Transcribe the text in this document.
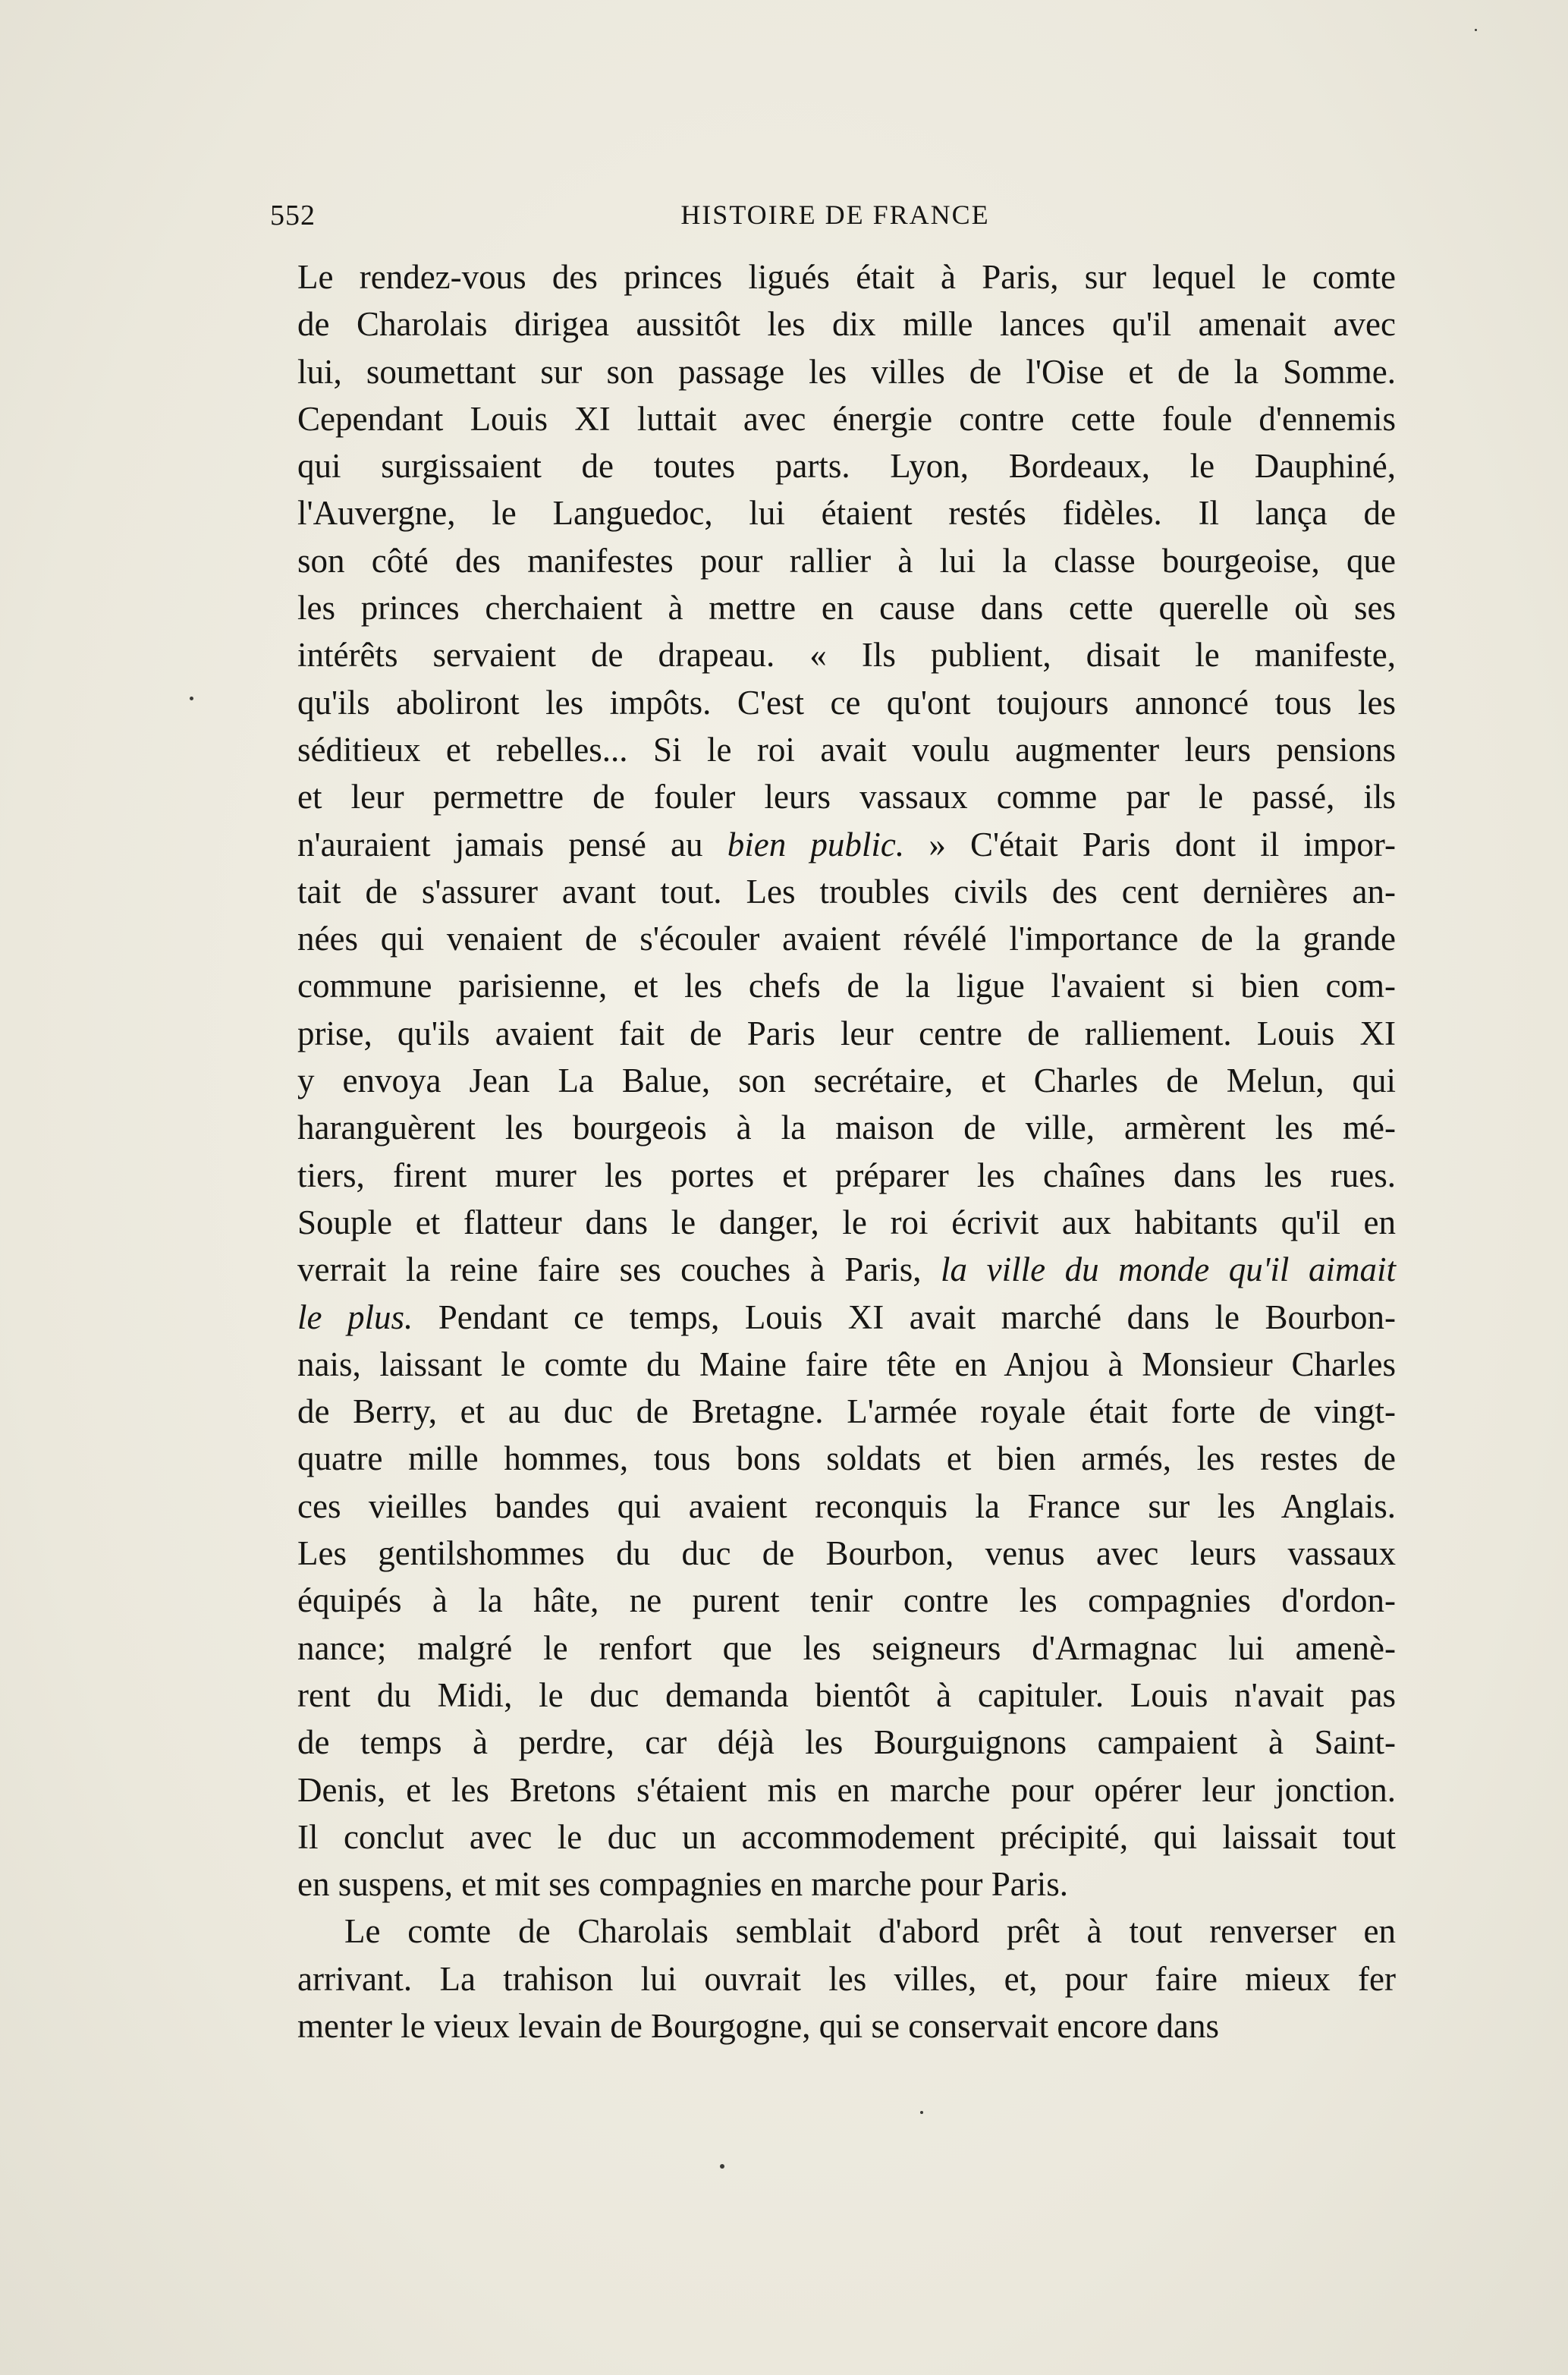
552	HISTOIRE DE FRANCE
Le rendez-vous des princes ligués était à Paris, sur lequel le comte
de Charolais dirigea aussitôt les dix mille lances qu'il amenait avec
lui, soumettant sur son passage les villes de l'Oise et de la Somme.
Cependant Louis XI luttait avec énergie contre cette foule d'ennemis
qui surgissaient de toutes parts. Lyon, Bordeaux, le Dauphiné,
l'Auvergne, le Languedoc, lui étaient restés fidèles. Il lança de
son côté des manifestes pour rallier à lui la classe bourgeoise, que
les princes cherchaient à mettre en cause dans cette querelle où ses
intérêts servaient de drapeau. « Ils publient, disait le manifeste,
qu'ils aboliront les impôts. C'est ce qu'ont toujours annoncé tous les
séditieux et rebelles... Si le roi avait voulu augmenter leurs pensions
et leur permettre de fouler leurs vassaux comme par le passé, ils
n'auraient jamais pensé au bien public. » C'était Paris dont il impor-
tait de s'assurer avant tout. Les troubles civils des cent dernières an-
nées qui venaient de s'écouler avaient révélé l'importance de la grande
commune parisienne, et les chefs de la ligue l'avaient si bien com-
prise, qu'ils avaient fait de Paris leur centre de ralliement. Louis XI
y envoya Jean La Balue, son secrétaire, et Charles de Melun, qui
haranguèrent les bourgeois à la maison de ville, armèrent les mé-
tiers, firent murer les portes et préparer les chaînes dans les rues.
Souple et flatteur dans le danger, le roi écrivit aux habitants qu'il en
verrait la reine faire ses couches à Paris, la ville du monde qu'il aimait
le plus. Pendant ce temps, Louis XI avait marché dans le Bourbon-
nais, laissant le comte du Maine faire tête en Anjou à Monsieur Charles
de Berry, et au duc de Bretagne. L'armée royale était forte de vingt-
quatre mille hommes, tous bons soldats et bien armés, les restes de
ces vieilles bandes qui avaient reconquis la France sur les Anglais.
Les gentilshommes du duc de Bourbon, venus avec leurs vassaux
équipés à la hâte, ne purent tenir contre les compagnies d'ordon-
nance; malgré le renfort que les seigneurs d'Armagnac lui amenè-
rent du Midi, le duc demanda bientôt à capituler. Louis n'avait pas
de temps à perdre, car déjà les Bourguignons campaient à Saint-
Denis, et les Bretons s'étaient mis en marche pour opérer leur jonction.
Il conclut avec le duc un accommodement précipité, qui laissait tout
en suspens, et mit ses compagnies en marche pour Paris.
Le comte de Charolais semblait d'abord prêt à tout renverser en
arrivant. La trahison lui ouvrait les villes, et, pour faire mieux fer
menter le vieux levain de Bourgogne, qui se conservait encore dans
